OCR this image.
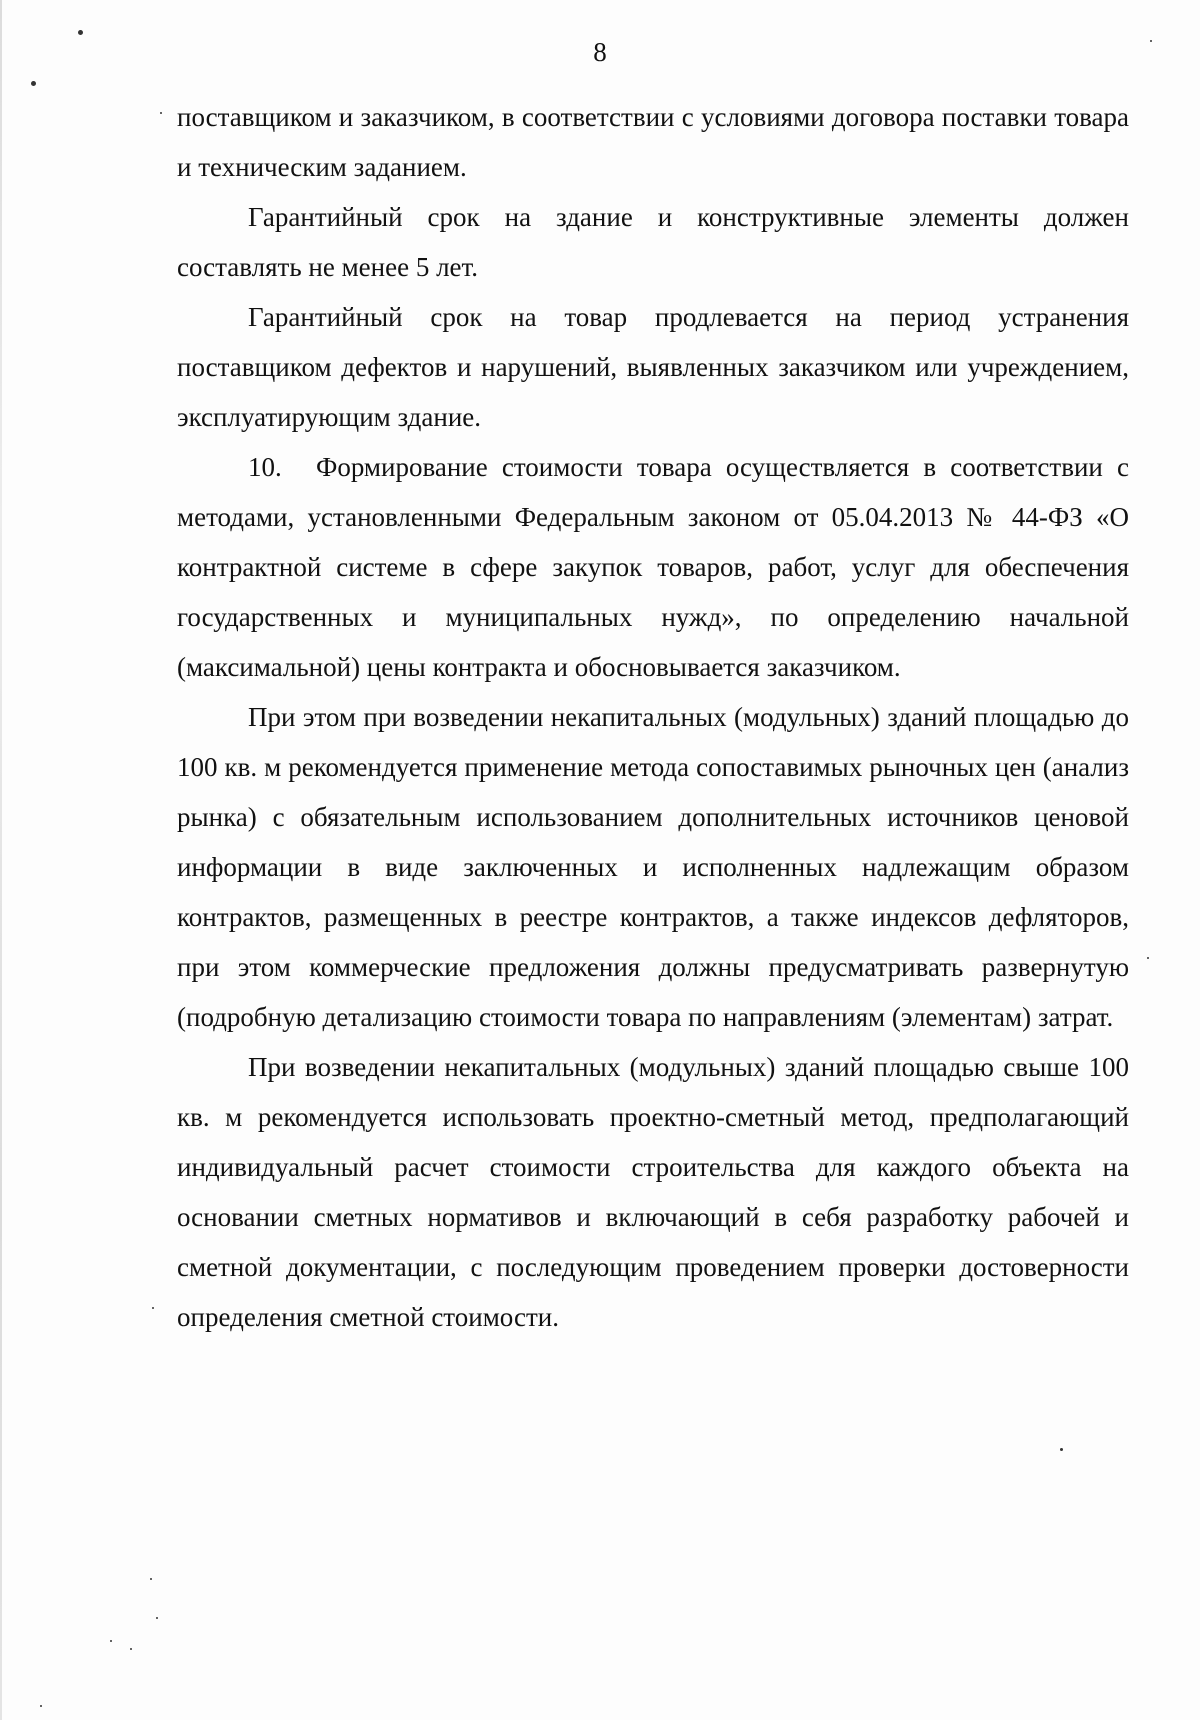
8

поставщиком и заказчиком, в соответствии с условиями договора поставки товара и техническим заданием.

Гарантийный срок на здание и конструктивные элементы должен составлять не менее 5 лет.

Гарантийный срок на товар продлевается на период устранения поставщиком дефектов и нарушений, выявленных заказчиком или учреждением, эксплуатирующим здание.

10. Формирование стоимости товара осуществляется в соответствии с методами, установленными Федеральным законом от 05.04.2013 № 44-ФЗ «О контрактной системе в сфере закупок товаров, работ, услуг для обеспечения государственных и муниципальных нужд», по определению начальной (максимальной) цены контракта и обосновывается заказчиком.

При этом при возведении некапитальных (модульных) зданий площадью до 100 кв. м рекомендуется применение метода сопоставимых рыночных цен (анализ рынка) с обязательным использованием дополнительных источников ценовой информации в виде заключенных и исполненных надлежащим образом контрактов, размещенных в реестре контрактов, а также индексов дефляторов, при этом коммерческие предложения должны предусматривать развернутую (подробную детализацию стоимости товара по направлениям (элементам) затрат.

При возведении некапитальных (модульных) зданий площадью свыше 100 кв. м рекомендуется использовать проектно-сметный метод, предполагающий индивидуальный расчет стоимости строительства для каждого объекта на основании сметных нормативов и включающий в себя разработку рабочей и сметной документации, с последующим проведением проверки достоверности определения сметной стоимости.
